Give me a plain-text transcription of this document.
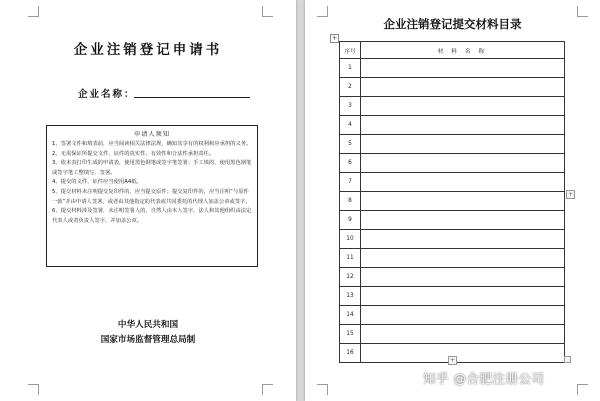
企业注销登记申请书
企业名称：
申请人须知
1、签署文件和填表前，应当阅读相关法律法规，确知其享有的权利和应承担的义务。
2、无需保证所提交文件、证件的真实性、有效性和合法性承担责任。
3、依本表打印生成的申请表，使用黑色钢笔或签字笔签署；手工填的，使用黑色钢笔或签字笔工整填写、签署。
4、提交的文件、证件应当使用A4纸。
5、提交材料未注明提交复印件的，应当提交原件；提交复印件的，应当注明“与原件一致”并由申请人签署，或者由其他指定的代表或共同委托的代理人加盖公章或签字。
6、提交材料涉及签署，未注明签署人的，自然人由本人签字，法人和其他组织由法定代表人或者负责人签字，并加盖公章。
中华人民共和国
国家市场监督管理总局制
企业注销登记提交材料目录
+
序号	材 料 名 称
1	
2	
3	
4	
5	
6	
7	
8	
9	
10	
11	
12	
13	
14	
15	
16	
+
+
知乎 @合肥注册公司
